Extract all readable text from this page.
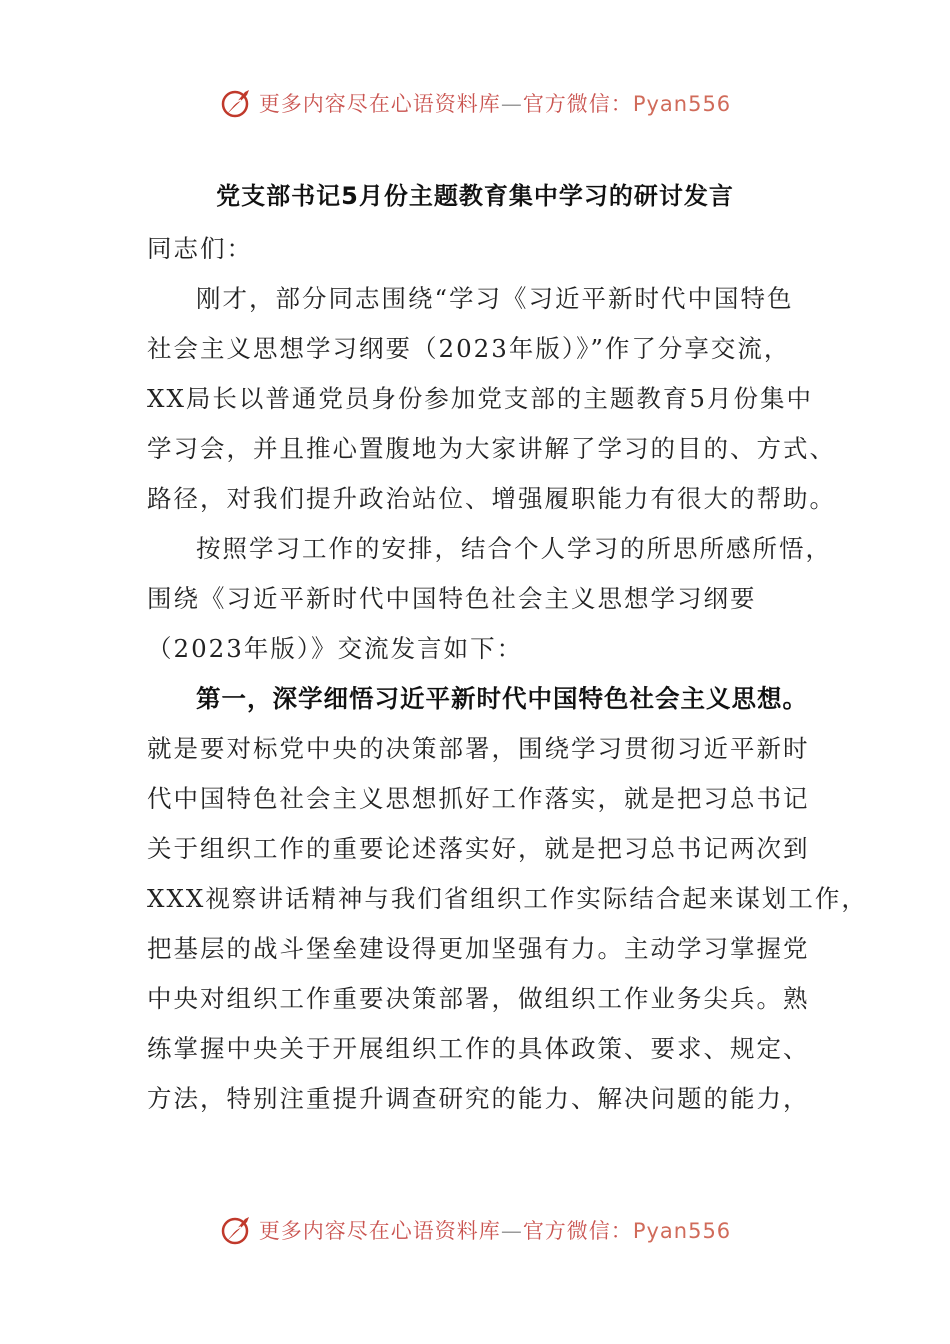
更多内容尽在心语资料库—官方微信：Pyan556
党支部书记5月份主题教育集中学习的研讨发言
同志们：
刚才，部分同志围绕“学习《习近平新时代中国特色
社会主义思想学习纲要（2023年版）》”作了分享交流，
XX局长以普通党员身份参加党支部的主题教育5月份集中
学习会，并且推心置腹地为大家讲解了学习的目的、方式、
路径，对我们提升政治站位、增强履职能力有很大的帮助。
按照学习工作的安排，结合个人学习的所思所感所悟，
围绕《习近平新时代中国特色社会主义思想学习纲要
（2023年版）》交流发言如下：
第一，深学细悟习近平新时代中国特色社会主义思想。
就是要对标党中央的决策部署，围绕学习贯彻习近平新时
代中国特色社会主义思想抓好工作落实，就是把习总书记
关于组织工作的重要论述落实好，就是把习总书记两次到
XXX视察讲话精神与我们省组织工作实际结合起来谋划工作，
把基层的战斗堡垒建设得更加坚强有力。主动学习掌握党
中央对组织工作重要决策部署，做组织工作业务尖兵。熟
练掌握中央关于开展组织工作的具体政策、要求、规定、
方法，特别注重提升调查研究的能力、解决问题的能力，
更多内容尽在心语资料库—官方微信：Pyan556
